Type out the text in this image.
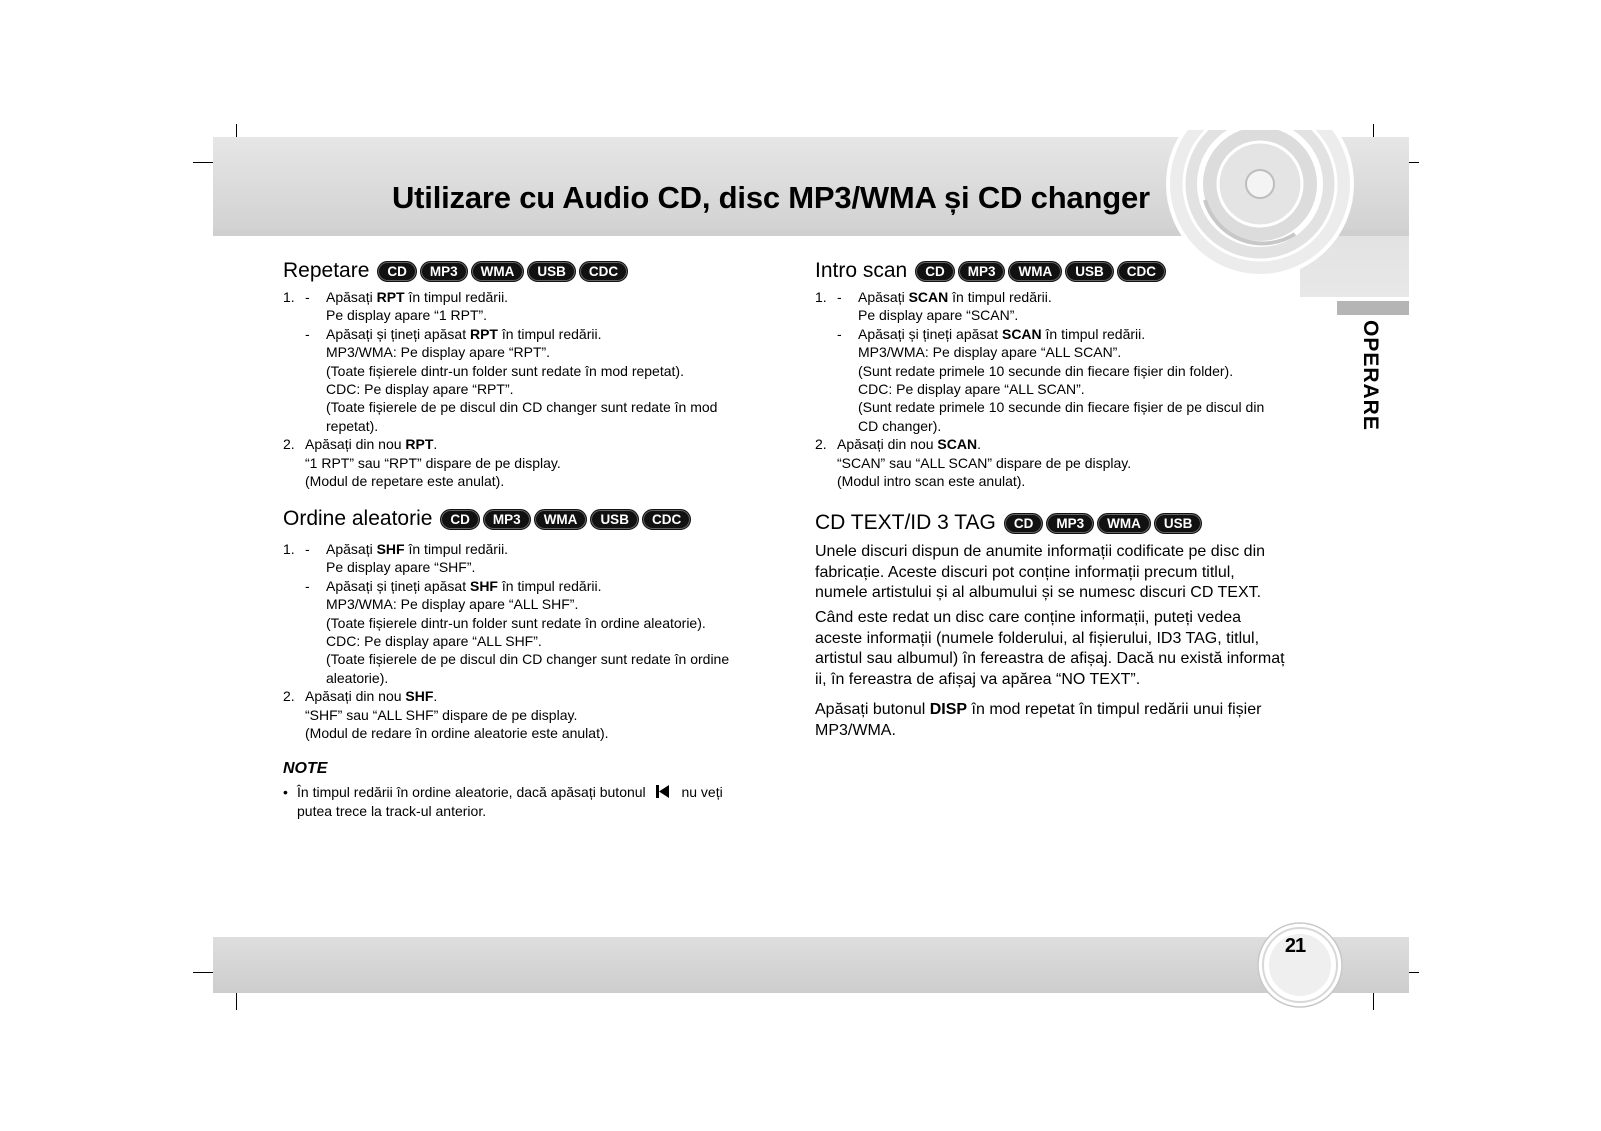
Utilizare cu Audio CD, disc MP3/WMA și CD changer
OPERARE
Repetare	CD	MP3	WMA	USB	CDC
1. -	Apăsați RPT în timpul redării.
Pe display apare “1 RPT”.
-	Apăsați și țineți apăsat RPT în timpul redării.
MP3/WMA: Pe display apare “RPT”.
(Toate fișierele dintr-un folder sunt redate în mod repetat).
CDC: Pe display apare “RPT”.
(Toate fișierele de pe discul din CD changer sunt redate în mod
repetat).
2. Apăsați din nou RPT.
“1 RPT” sau “RPT” dispare de pe display.
(Modul de repetare este anulat).
Ordine aleatorie	CD	MP3	WMA	USB	CDC
1. -	Apăsați SHF în timpul redării.
Pe display apare “SHF”.
-	Apăsați și țineți apăsat SHF în timpul redării.
MP3/WMA: Pe display apare “ALL SHF”.
(Toate fișierele dintr-un folder sunt redate în ordine aleatorie).
CDC: Pe display apare “ALL SHF”.
(Toate fișierele de pe discul din CD changer sunt redate în ordine
aleatorie).
2. Apăsați din nou SHF.
“SHF” sau “ALL SHF” dispare de pe display.
(Modul de redare în ordine aleatorie este anulat).
NOTE
• În timpul redării în ordine aleatorie, dacă apăsați butonul	nu veți
putea trece la track-ul anterior.
Intro scan	CD	MP3	WMA	USB	CDC
1. -	Apăsați SCAN în timpul redării.
Pe display apare “SCAN”.
-	Apăsați și țineți apăsat SCAN în timpul redării.
MP3/WMA: Pe display apare “ALL SCAN”.
(Sunt redate primele 10 secunde din fiecare fișier din folder).
CDC: Pe display apare “ALL SCAN”.
(Sunt redate primele 10 secunde din fiecare fișier de pe discul din
CD changer).
2. Apăsați din nou SCAN.
“SCAN” sau “ALL SCAN” dispare de pe display.
(Modul intro scan este anulat).
CD TEXT/ID 3 TAG	CD	MP3	WMA	USB
Unele discuri dispun de anumite informații codificate pe disc din
fabricație. Aceste discuri pot conține informații precum titlul,
numele artistului și al albumului și se numesc discuri CD TEXT.
Când este redat un disc care conține informații, puteți vedea
aceste informații (numele folderului, al fișierului, ID3 TAG, titlul,
artistul sau albumul) în fereastra de afișaj. Dacă nu există informaț
ii, în fereastra de afișaj va apărea “NO TEXT”.
Apăsați butonul DISP în mod repetat în timpul redării unui fișier
MP3/WMA.
21
